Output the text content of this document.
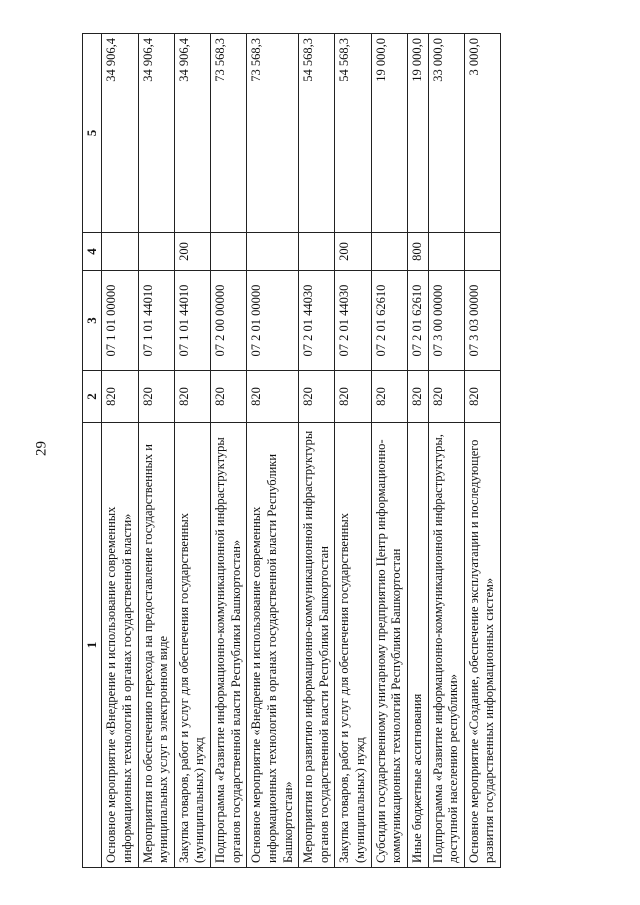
29
1	2	3	4	5
Основное мероприятие «Внедрение и использование современных информационных технологий в органах государственной власти»	820	07 1 01 00000		34 906,4
Мероприятия по обеспечению перехода на предоставление государственных и муниципальных услуг в электронном виде	820	07 1 01 44010		34 906,4
Закупка товаров, работ и услуг для обеспечения государственных (муниципальных) нужд	820	07 1 01 44010	200	34 906,4
Подпрограмма «Развитие информационно-коммуникационной инфраструктуры органов государственной власти Республики Башкортостан»	820	07 2 00 00000		73 568,3
Основное мероприятие «Внедрение и использование современных информационных технологий в органах государственной власти Республики Башкортостан»	820	07 2 01 00000		73 568,3
Мероприятия по развитию информационно-коммуникационной инфраструктуры органов государственной власти Республики Башкортостан	820	07 2 01 44030		54 568,3
Закупка товаров, работ и услуг для обеспечения государственных (муниципальных) нужд	820	07 2 01 44030	200	54 568,3
Субсидии государственному унитарному предприятию Центр информационно-коммуникационных технологий Республики Башкортостан	820	07 2 01 62610		19 000,0
Иные бюджетные ассигнования	820	07 2 01 62610	800	19 000,0
Подпрограмма «Развитие информационно-коммуникационной инфраструктуры, доступной населению республики»	820	07 3 00 00000		33 000,0
Основное мероприятие «Создание, обеспечение эксплуатации и последующего развития государственных информационных систем»	820	07 3 03 00000		3 000,0
